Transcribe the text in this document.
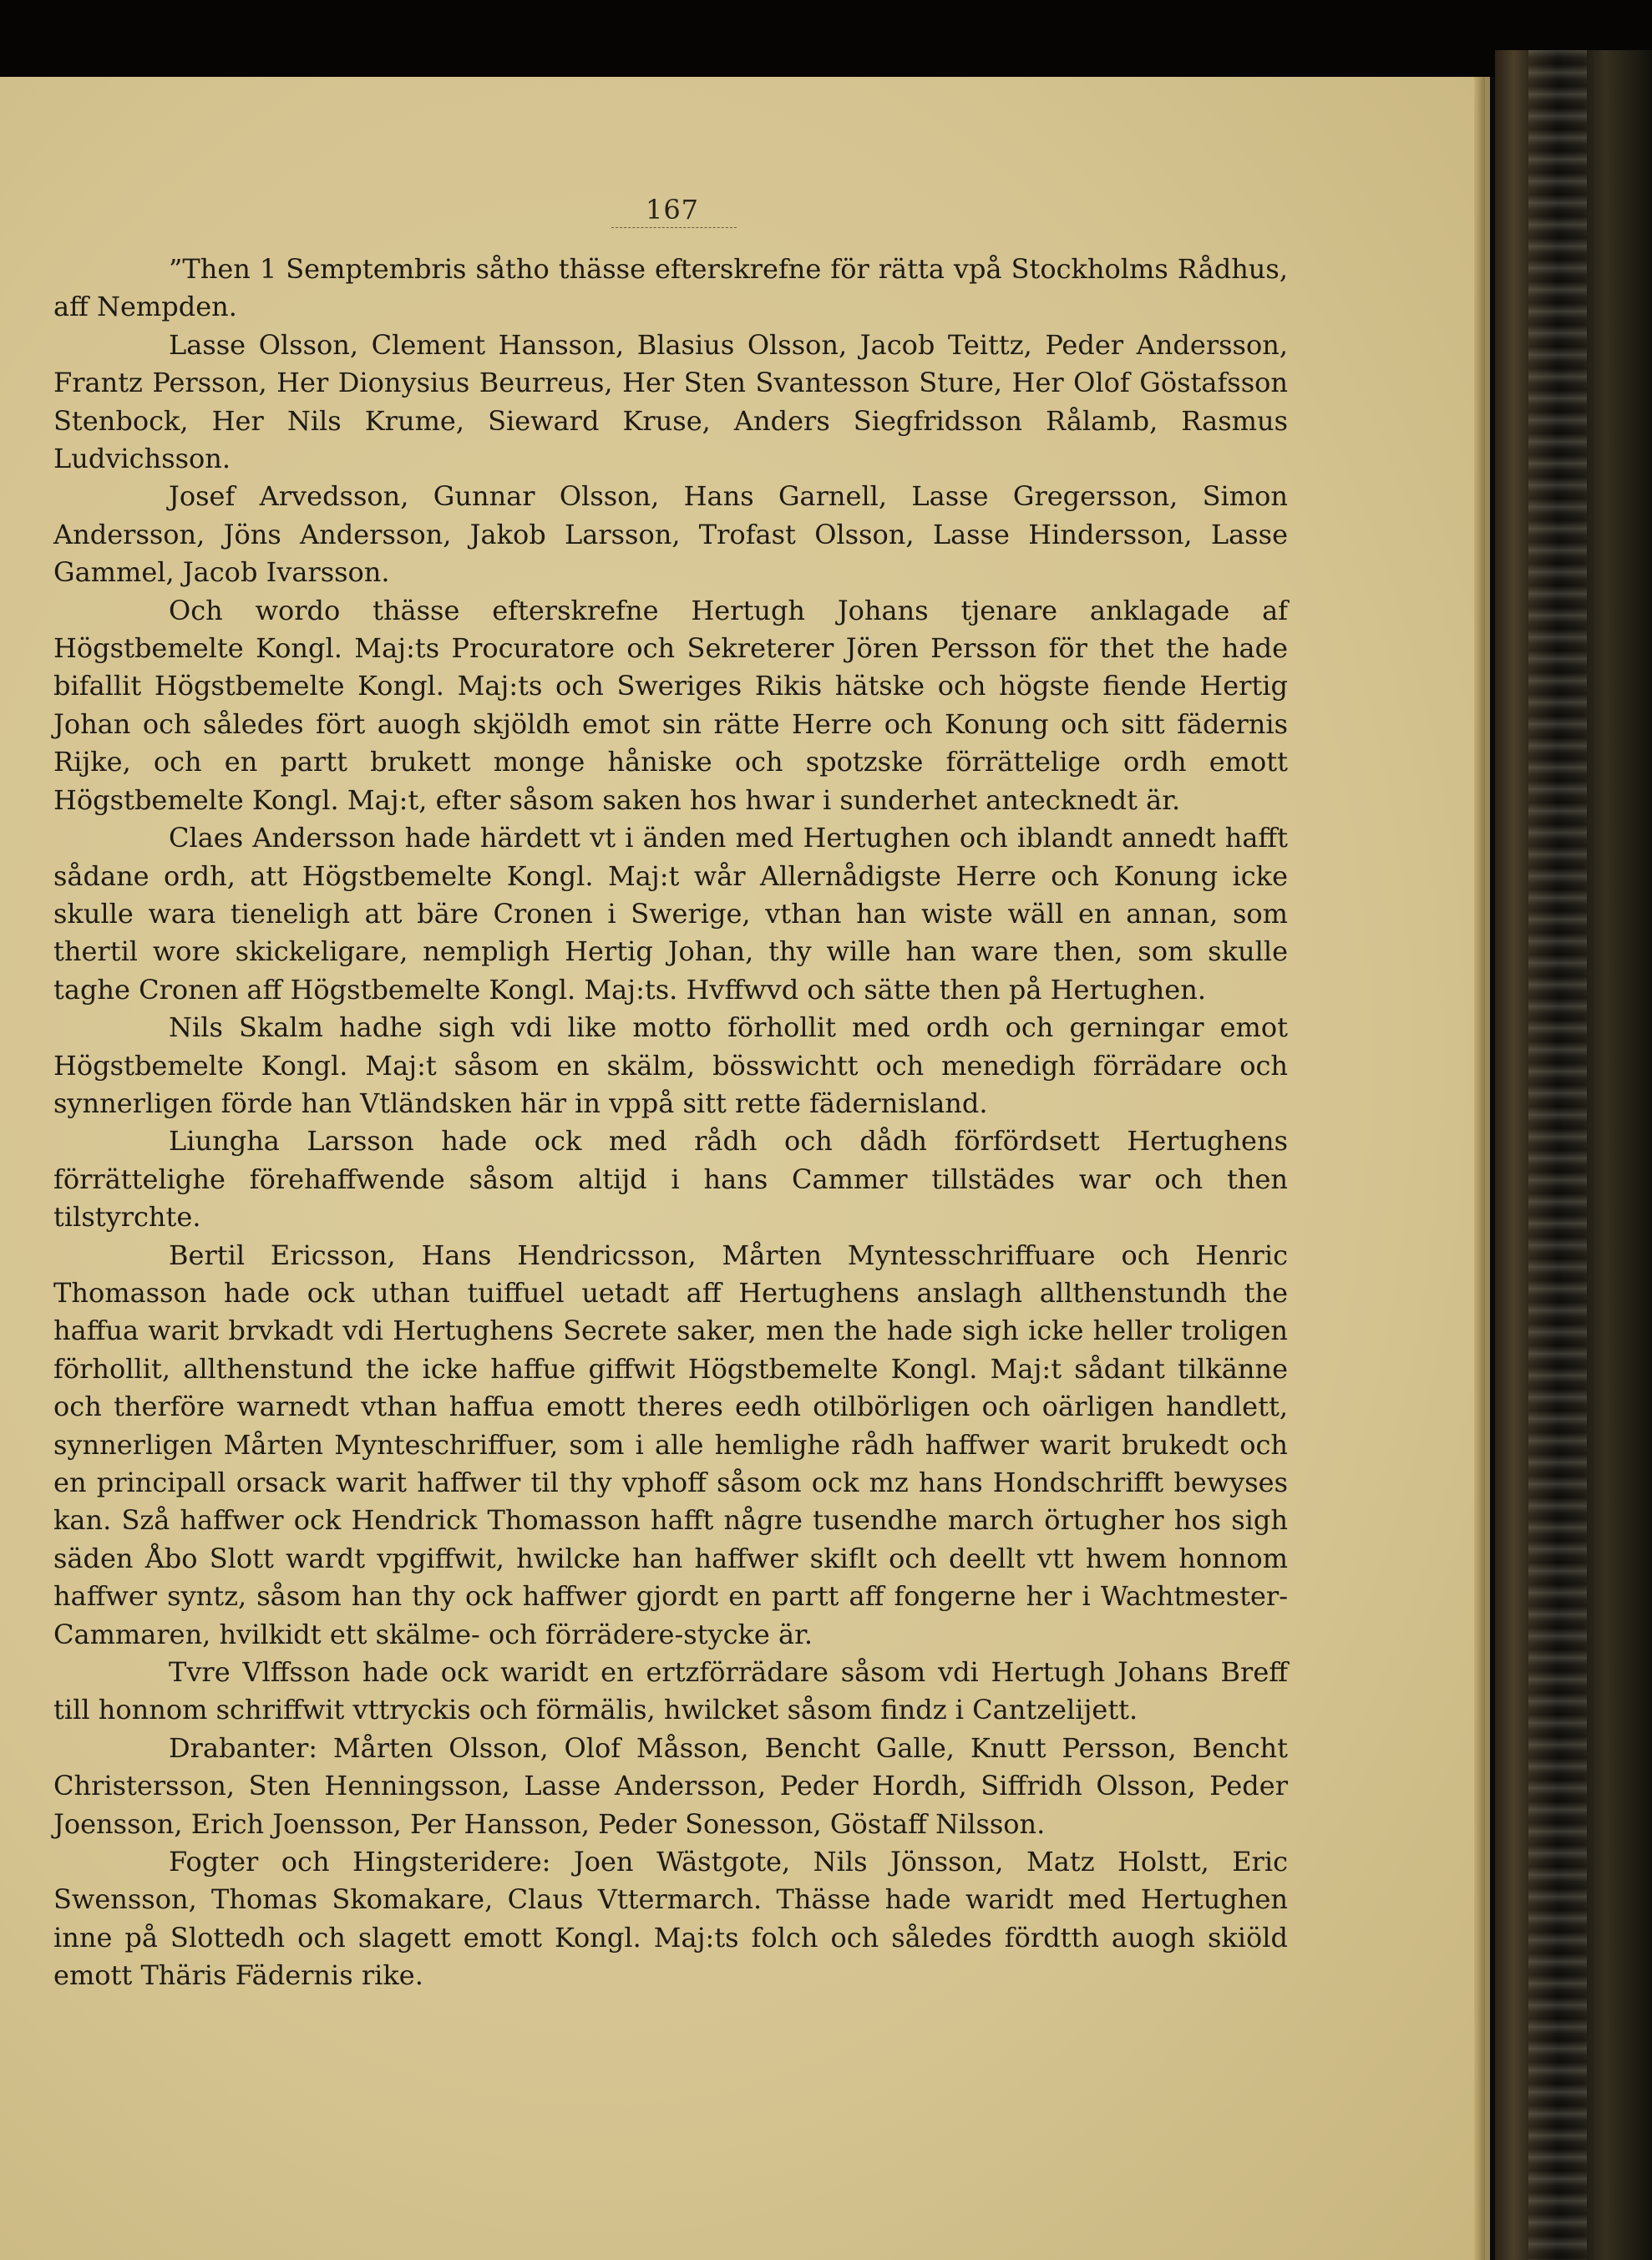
167

”Then 1 Semptembris såtho thässe efterskrefne för rätta vpå Stockholms Rådhus, aff Nempden.

Lasse Olsson, Clement Hansson, Blasius Olsson, Jacob Teittz, Peder Andersson, Frantz Persson, Her Dionysius Beurreus, Her Sten Svantesson Sture, Her Olof Göstafsson Stenbock, Her Nils Krume, Sieward Kruse, Anders Siegfridsson Rålamb, Rasmus Ludvichsson.

Josef Arvedsson, Gunnar Olsson, Hans Garnell, Lasse Gregersson, Simon Andersson, Jöns Andersson, Jakob Larsson, Trofast Olsson, Lasse Hindersson, Lasse Gammel, Jacob Ivarsson.

Och wordo thässe efterskrefne Hertugh Johans tjenare anklagade af Högstbemelte Kongl. Maj:ts Procuratore och Sekreterer Jören Persson för thet the hade bifallit Högstbemelte Kongl. Maj:ts och Sweriges Rikis hätske och högste fiende Hertig Johan och således fört auogh skjöldh emot sin rätte Herre och Konung och sitt fädernis Rijke, och en partt brukett monge håniske och spotzske förrättelige ordh emott Högstbemelte Kongl. Maj:t, efter såsom saken hos hwar i sunderhet antecknedt är.

Claes Andersson hade härdett vt i änden med Hertughen och iblandt annedt hafft sådane ordh, att Högstbemelte Kongl. Maj:t wår Allernådigste Herre och Konung icke skulle wara tieneligh att bäre Cronen i Swerige, vthan han wiste wäll en annan, som thertil wore skickeligare, nempligh Hertig Johan, thy wille han ware then, som skulle taghe Cronen aff Högstbemelte Kongl. Maj:ts. Hvffwvd och sätte then på Hertughen.

Nils Skalm hadhe sigh vdi like motto förhollit med ordh och gerningar emot Högstbemelte Kongl. Maj:t såsom en skälm, bösswichtt och menedigh förrädare och synnerligen förde han Vtländsken här in vppå sitt rette fädernisland.

Liungha Larsson hade ock med rådh och dådh förfördsett Hertughens förrättelighe förehaffwende såsom altijd i hans Cammer tillstädes war och then tilstyrchte.

Bertil Ericsson, Hans Hendricsson, Mårten Myntesschriffuare och Henric Thomasson hade ock uthan tuiffuel uetadt aff Hertughens anslagh allthenstundh the haffua warit brvkadt vdi Hertughens Secrete saker, men the hade sigh icke heller troligen förhollit, allthenstund the icke haffue giffwit Högstbemelte Kongl. Maj:t sådant tilkänne och therföre warnedt vthan haffua emott theres eedh otilbörligen och oärligen handlett, synnerligen Mårten Mynteschriffuer, som i alle hemlighe rådh haffwer warit brukedt och en principall orsack warit haffwer til thy vphoff såsom ock mz hans Hondschrifft bewyses kan. Szå haffwer ock Hendrick Thomasson hafft någre tusendhe march örtugher hos sigh säden Åbo Slott wardt vpgiffwit, hwilcke han haffwer skiflt och deellt vtt hwem honnom haffwer syntz, såsom han thy ock haffwer gjordt en partt aff fongerne her i Wachtmester-Cammaren, hvilkidt ett skälme- och förrädere-stycke är.

Tvre Vlffsson hade ock waridt en ertzförrädare såsom vdi Hertugh Johans Breff till honnom schriffwit vttryckis och förmälis, hwilcket såsom findz i Cantzelijett.

Drabanter: Mårten Olsson, Olof Måsson, Bencht Galle, Knutt Persson, Bencht Christersson, Sten Henningsson, Lasse Andersson, Peder Hordh, Siffridh Olsson, Peder Joensson, Erich Joensson, Per Hansson, Peder Sonesson, Göstaff Nilsson.

Fogter och Hingsteridere: Joen Wästgote, Nils Jönsson, Matz Holstt, Eric Swensson, Thomas Skomakare, Claus Vttermarch. Thässe hade waridt med Hertughen inne på Slottedh och slagett emott Kongl. Maj:ts folch och således fördtth auogh skiöld emott Thäris Fädernis rike.
